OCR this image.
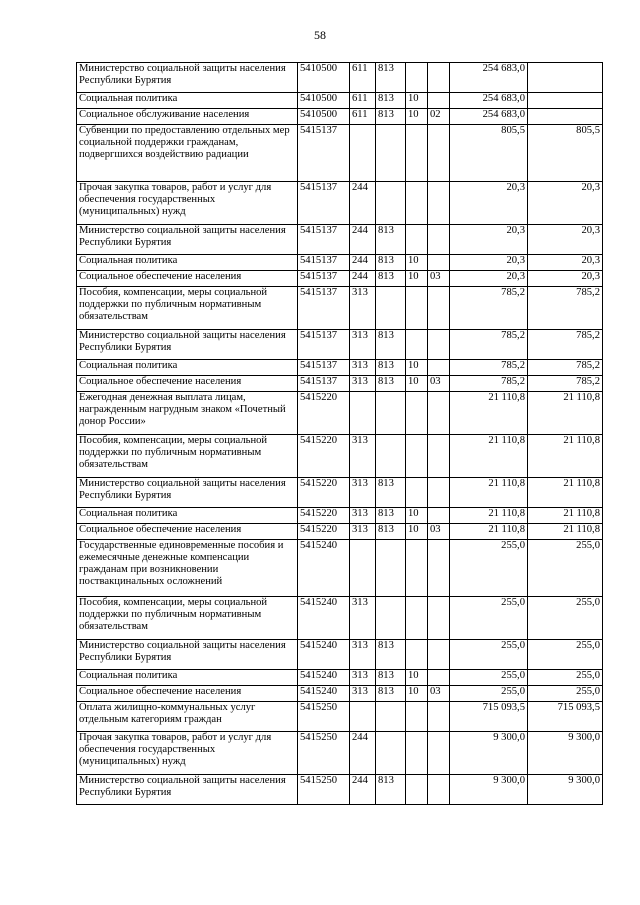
58
Министерство социальной защиты населения Республики Бурятия	5410500	611	813			254 683,0	
Социальная политика	5410500	611	813	10		254 683,0	
Социальное обслуживание населения	5410500	611	813	10	02	254 683,0	
Субвенции по предоставлению отдельных мер социальной поддержки гражданам, подвергшихся воздействию радиации	5415137					805,5	805,5
Прочая закупка товаров, работ и услуг для обеспечения государственных (муниципальных) нужд	5415137	244				20,3	20,3
Министерство социальной защиты населения Республики Бурятия	5415137	244	813			20,3	20,3
Социальная политика	5415137	244	813	10		20,3	20,3
Социальное обеспечение населения	5415137	244	813	10	03	20,3	20,3
Пособия, компенсации, меры социальной поддержки по публичным нормативным обязательствам	5415137	313				785,2	785,2
Министерство социальной защиты населения Республики Бурятия	5415137	313	813			785,2	785,2
Социальная политика	5415137	313	813	10		785,2	785,2
Социальное обеспечение населения	5415137	313	813	10	03	785,2	785,2
Ежегодная денежная выплата лицам, награжденным нагрудным знаком «Почетный донор России»	5415220					21 110,8	21 110,8
Пособия, компенсации, меры социальной поддержки по публичным нормативным обязательствам	5415220	313				21 110,8	21 110,8
Министерство социальной защиты населения Республики Бурятия	5415220	313	813			21 110,8	21 110,8
Социальная политика	5415220	313	813	10		21 110,8	21 110,8
Социальное обеспечение населения	5415220	313	813	10	03	21 110,8	21 110,8
Государственные единовременные пособия и ежемесячные денежные компенсации гражданам при возникновении поствакцинальных осложнений	5415240					255,0	255,0
Пособия, компенсации, меры социальной поддержки по публичным нормативным обязательствам	5415240	313				255,0	255,0
Министерство социальной защиты населения Республики Бурятия	5415240	313	813			255,0	255,0
Социальная политика	5415240	313	813	10		255,0	255,0
Социальное обеспечение населения	5415240	313	813	10	03	255,0	255,0
Оплата жилищно-коммунальных услуг отдельным категориям граждан	5415250					715 093,5	715 093,5
Прочая закупка товаров, работ и услуг для обеспечения государственных (муниципальных) нужд	5415250	244				9 300,0	9 300,0
Министерство социальной защиты населения Республики Бурятия	5415250	244	813			9 300,0	9 300,0
